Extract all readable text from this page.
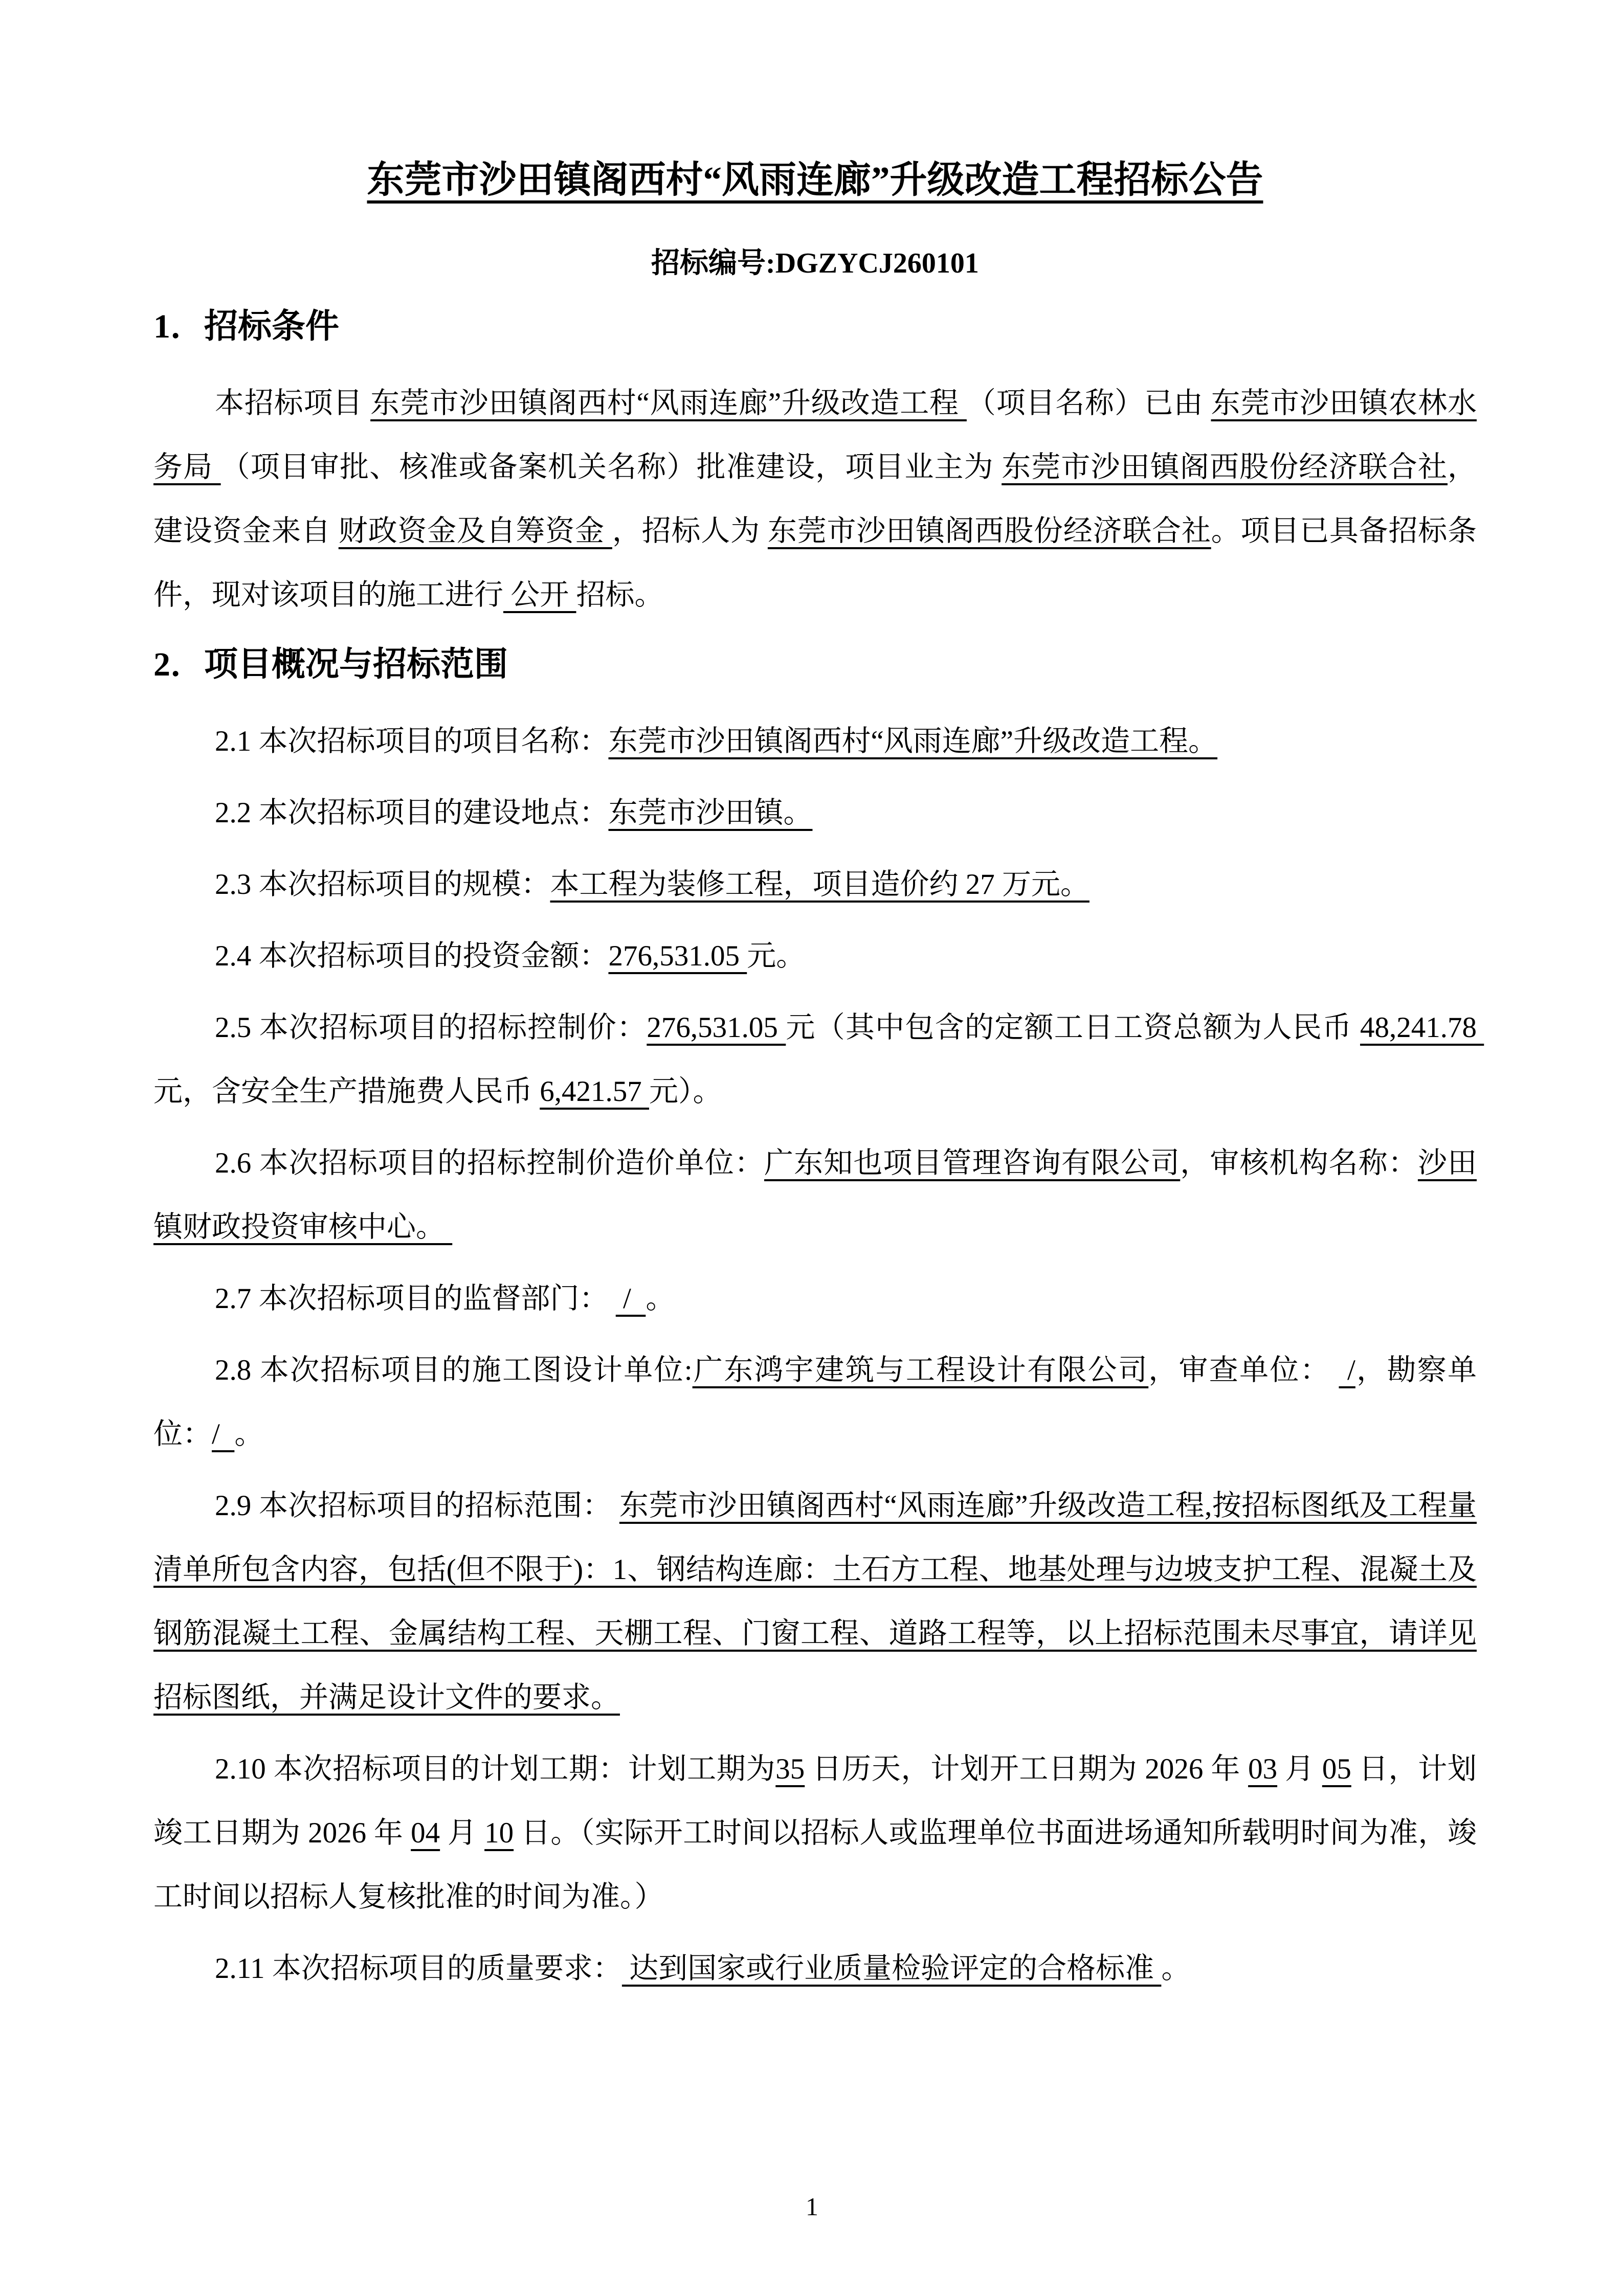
东莞市沙田镇阁西村“风雨连廊”升级改造工程招标公告
招标编号:DGZYCJ260101
1．招标条件
本招标项目 东莞市沙田镇阁西村“风雨连廊”升级改造工程 （项目名称）已由 东莞市沙田镇农林水务局 （项目审批、核准或备案机关名称）批准建设，项目业主为 东莞市沙田镇阁西股份经济联合社，建设资金来自 财政资金及自筹资金 ，招标人为 东莞市沙田镇阁西股份经济联合社。项目已具备招标条件，现对该项目的施工进行 公开 招标。
2．项目概况与招标范围
2.1 本次招标项目的项目名称：东莞市沙田镇阁西村“风雨连廊”升级改造工程。
2.2 本次招标项目的建设地点：东莞市沙田镇。
2.3 本次招标项目的规模：本工程为装修工程，项目造价约 27 万元。
2.4 本次招标项目的投资金额：276,531.05 元。
2.5 本次招标项目的招标控制价：276,531.05 元（其中包含的定额工日工资总额为人民币 48,241.78 元，含安全生产措施费人民币 6,421.57 元）。
2.6 本次招标项目的招标控制价造价单位：广东知也项目管理咨询有限公司，审核机构名称：沙田镇财政投资审核中心。
2.7 本次招标项目的监督部门：  /  。
2.8 本次招标项目的施工图设计单位:广东鸿宇建筑与工程设计有限公司，审查单位：  /，勘察单位：/  。
2.9 本次招标项目的招标范围： 东莞市沙田镇阁西村“风雨连廊”升级改造工程,按招标图纸及工程量清单所包含内容，包括(但不限于)：1、钢结构连廊：土石方工程、地基处理与边坡支护工程、混凝土及钢筋混凝土工程、金属结构工程、天棚工程、门窗工程、道路工程等，以上招标范围未尽事宜，请详见招标图纸，并满足设计文件的要求。
2.10 本次招标项目的计划工期：计划工期为35 日历天，计划开工日期为 2026 年 03 月 05 日，计划竣工日期为 2026 年 04 月 10 日。（实际开工时间以招标人或监理单位书面进场通知所载明时间为准，竣工时间以招标人复核批准的时间为准。）
2.11 本次招标项目的质量要求： 达到国家或行业质量检验评定的合格标准 。
1
